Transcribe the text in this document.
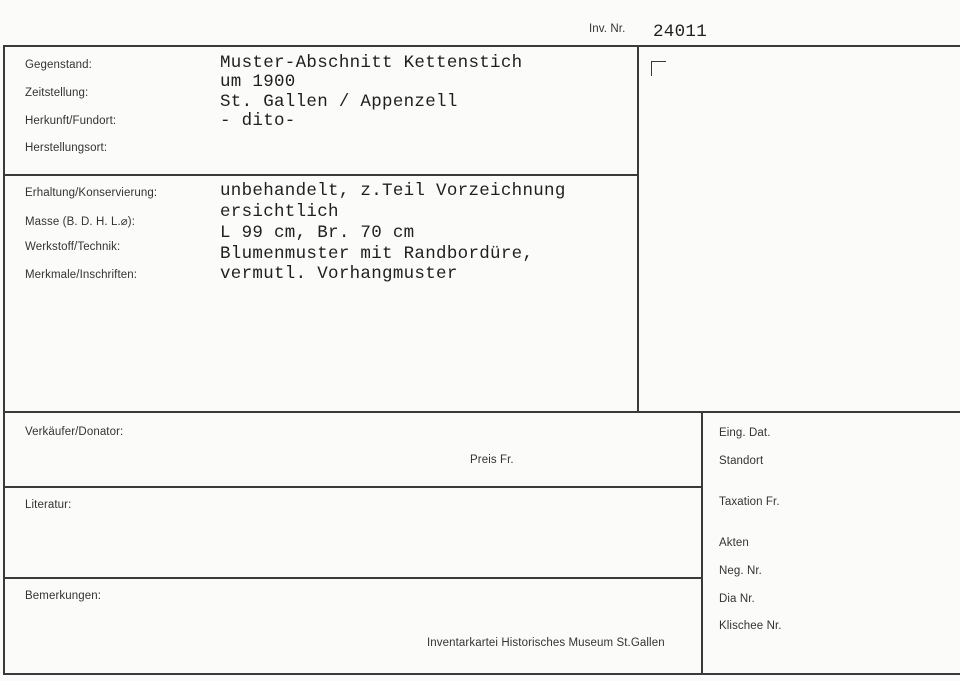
Inv. Nr. 24011
Gegenstand:
Zeitstellung:
Herkunft/Fundort:
Herstellungsort:
Muster-Abschnitt Kettenstich
um 1900
St. Gallen / Appenzell
- dito-
Erhaltung/Konservierung:
Masse (B. D. H. L.⌀):
Werkstoff/Technik:
Merkmale/Inschriften:
unbehandelt, z.Teil Vorzeichnung
ersichtlich
L 99 cm, Br. 70 cm
Blumenmuster mit Randbordüre,
vermutl. Vorhangmuster
Verkäufer/Donator:
Preis Fr.
Literatur:
Bemerkungen:
Inventarkartei Historisches Museum St.Gallen
Eing. Dat.
Standort
Taxation Fr.
Akten
Neg. Nr.
Dia Nr.
Klischee Nr.
